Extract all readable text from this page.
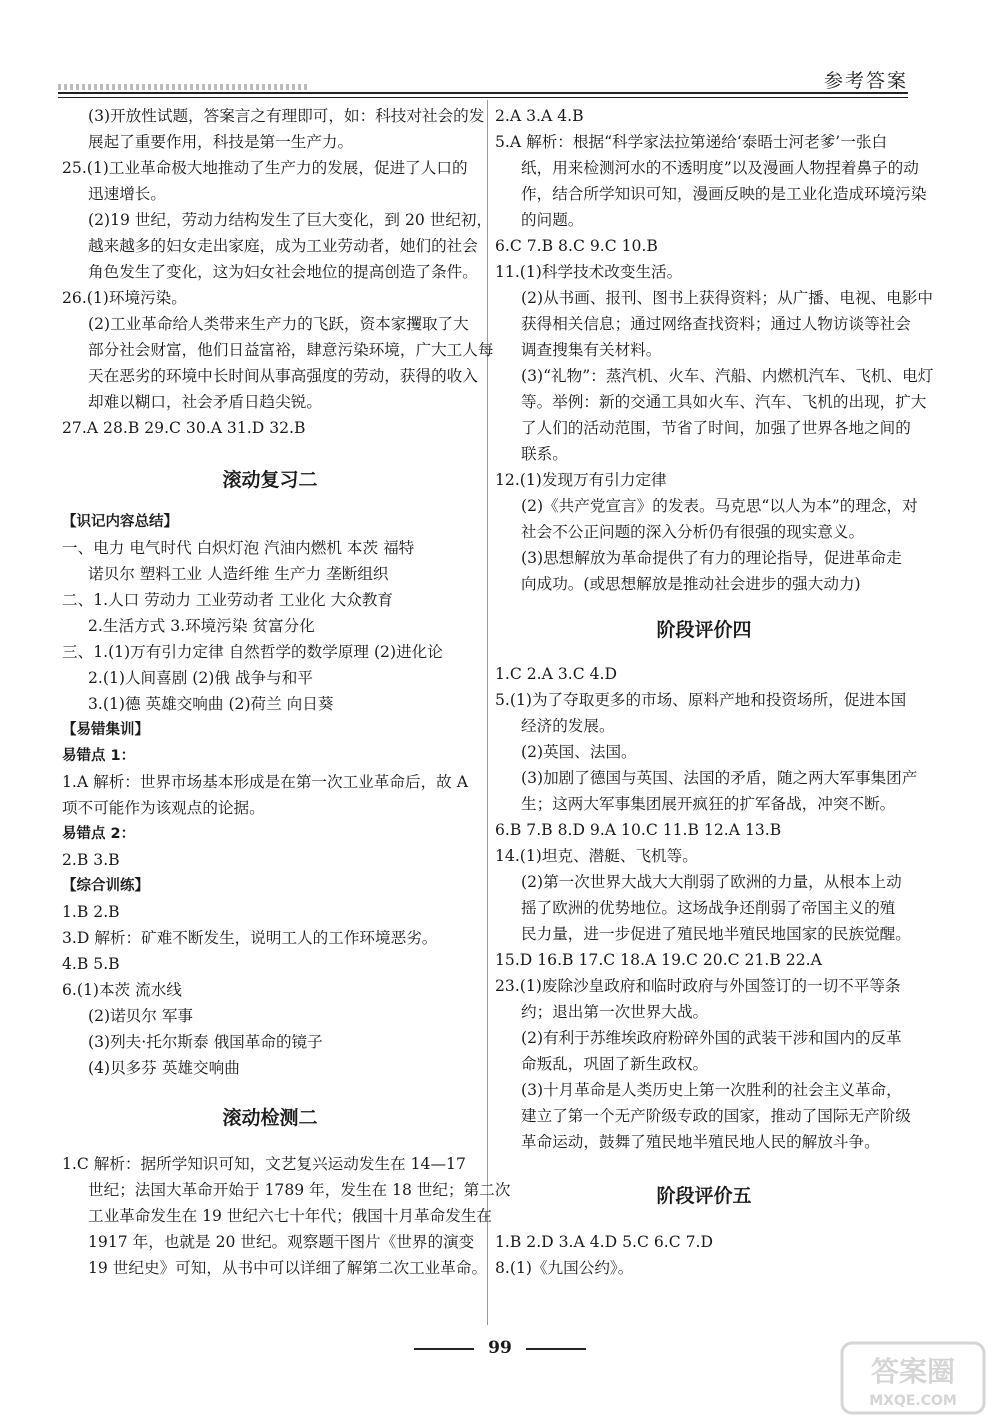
参考答案
(3)开放性试题，答案言之有理即可，如：科技对社会的发
展起了重要作用，科技是第一生产力。
25.(1)工业革命极大地推动了生产力的发展，促进了人口的
迅速增长。
(2)19 世纪，劳动力结构发生了巨大变化，到 20 世纪初，
越来越多的妇女走出家庭，成为工业劳动者，她们的社会
角色发生了变化，这为妇女社会地位的提高创造了条件。
26.(1)环境污染。
(2)工业革命给人类带来生产力的飞跃，资本家攫取了大
部分社会财富，他们日益富裕，肆意污染环境，广大工人每
天在恶劣的环境中长时间从事高强度的劳动，获得的收入
却难以糊口，社会矛盾日趋尖锐。
27.A 28.B 29.C 30.A 31.D 32.B
滚动复习二
【识记内容总结】
一、电力 电气时代 白炽灯泡 汽油内燃机 本茨 福特
诺贝尔 塑料工业 人造纤维 生产力 垄断组织
二、1.人口 劳动力 工业劳动者 工业化 大众教育
2.生活方式 3.环境污染 贫富分化
三、1.(1)万有引力定律 自然哲学的数学原理 (2)进化论
2.(1)人间喜剧 (2)俄 战争与和平
3.(1)德 英雄交响曲 (2)荷兰 向日葵
【易错集训】
易错点 1：
1.A 解析：世界市场基本形成是在第一次工业革命后，故 A
项不可能作为该观点的论据。
易错点 2：
2.B 3.B
【综合训练】
1.B 2.B
3.D 解析：矿难不断发生，说明工人的工作环境恶劣。
4.B 5.B
6.(1)本茨 流水线
(2)诺贝尔 军事
(3)列夫·托尔斯泰 俄国革命的镜子
(4)贝多芬 英雄交响曲
滚动检测二
1.C 解析：据所学知识可知，文艺复兴运动发生在 14—17
世纪；法国大革命开始于 1789 年，发生在 18 世纪；第二次
工业革命发生在 19 世纪六七十年代；俄国十月革命发生在
1917 年，也就是 20 世纪。观察题干图片《世界的演变
19 世纪史》可知，从书中可以详细了解第二次工业革命。
2.A 3.A 4.B
5.A 解析：根据“科学家法拉第递给‘泰晤士河老爹’一张白
纸，用来检测河水的不透明度”以及漫画人物捏着鼻子的动
作，结合所学知识可知，漫画反映的是工业化造成环境污染
的问题。
6.C 7.B 8.C 9.C 10.B
11.(1)科学技术改变生活。
(2)从书画、报刊、图书上获得资料；从广播、电视、电影中
获得相关信息；通过网络查找资料；通过人物访谈等社会
调查搜集有关材料。
(3)“礼物”：蒸汽机、火车、汽船、内燃机汽车、飞机、电灯
等。举例：新的交通工具如火车、汽车、飞机的出现，扩大
了人们的活动范围，节省了时间，加强了世界各地之间的
联系。
12.(1)发现万有引力定律
(2)《共产党宣言》的发表。马克思“以人为本”的理念，对
社会不公正问题的深入分析仍有很强的现实意义。
(3)思想解放为革命提供了有力的理论指导，促进革命走
向成功。(或思想解放是推动社会进步的强大动力)
阶段评价四
1.C 2.A 3.C 4.D
5.(1)为了夺取更多的市场、原料产地和投资场所，促进本国
经济的发展。
(2)英国、法国。
(3)加剧了德国与英国、法国的矛盾，随之两大军事集团产
生；这两大军事集团展开疯狂的扩军备战，冲突不断。
6.B 7.B 8.D 9.A 10.C 11.B 12.A 13.B
14.(1)坦克、潜艇、飞机等。
(2)第一次世界大战大大削弱了欧洲的力量，从根本上动
摇了欧洲的优势地位。这场战争还削弱了帝国主义的殖
民力量，进一步促进了殖民地半殖民地国家的民族觉醒。
15.D 16.B 17.C 18.A 19.C 20.C 21.B 22.A
23.(1)废除沙皇政府和临时政府与外国签订的一切不平等条
约；退出第一次世界大战。
(2)有利于苏维埃政府粉碎外国的武装干涉和国内的反革
命叛乱，巩固了新生政权。
(3)十月革命是人类历史上第一次胜利的社会主义革命，
建立了第一个无产阶级专政的国家，推动了国际无产阶级
革命运动，鼓舞了殖民地半殖民地人民的解放斗争。
阶段评价五
1.B 2.D 3.A 4.D 5.C 6.C 7.D
8.(1)《九国公约》。
99
答案圈
MXQE.COM
